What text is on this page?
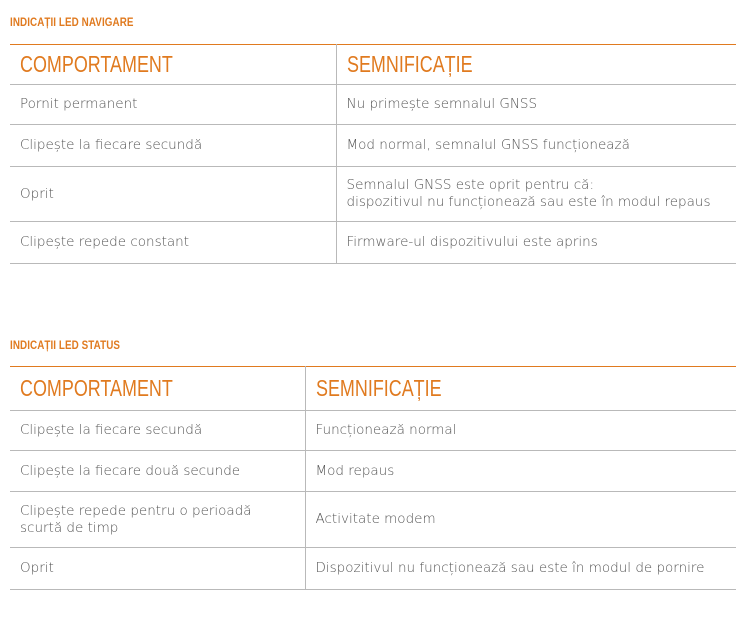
INDICAȚII LED NAVIGARE
COMPORTAMENT	SEMNIFICAȚIE
Pornit permanent	Nu primește semnalul GNSS
Clipește la fiecare secundă	Mod normal, semnalul GNSS funcționează
Oprit	Semnalul GNSS este oprit pentru că:
dispozitivul nu funcționează sau este în modul repaus

Clipește repede constant	Firmware-ul dispozitivului este aprins
INDICAȚII LED STATUS
COMPORTAMENT	SEMNIFICAȚIE
Clipește la fiecare secundă	Funcționează normal
Clipește la fiecare două secunde	Mod repaus

Clipește repede pentru o perioadă
scurtă de timp	Activitate modem
Oprit	Dispozitivul nu funcționează sau este în modul de pornire
